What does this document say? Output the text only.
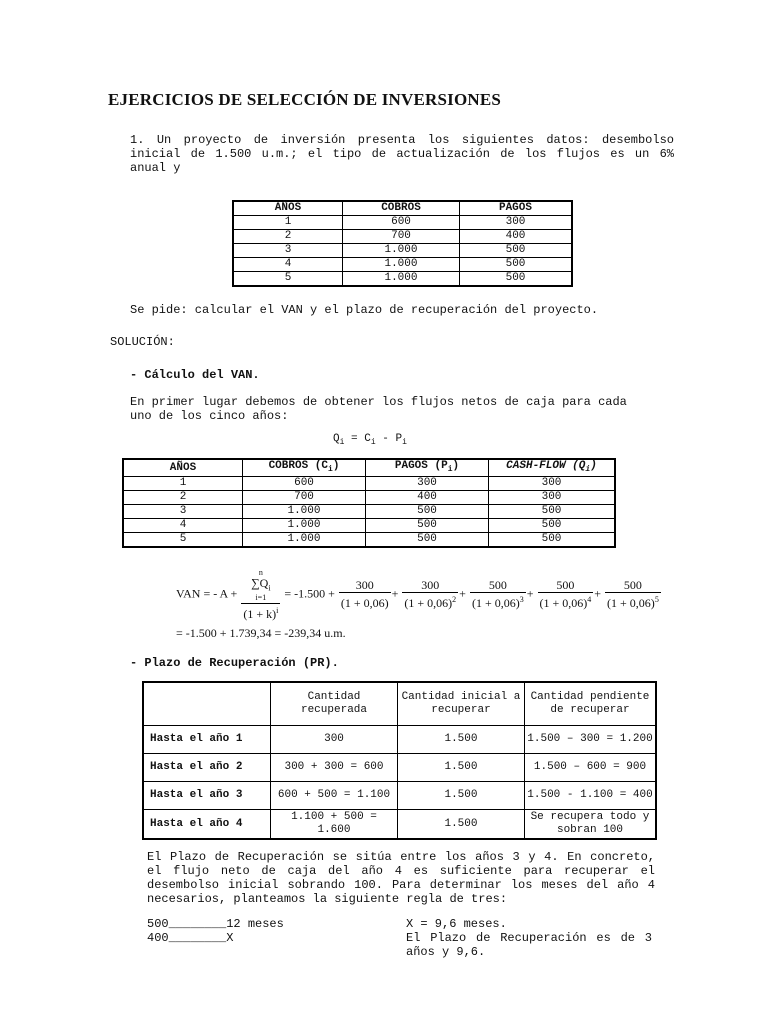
EJERCICIOS DE SELECCIÓN DE INVERSIONES

1. Un proyecto de inversión presenta los siguientes datos: desembolso inicial de 1.500 u.m.; el tipo de actualización de los flujos es un 6% anual y

AÑOS	COBROS	PAGOS
1	600	300
2	700	400
3	1.000	500
4	1.000	500
5	1.000	500

Se pide: calcular el VAN y el plazo de recuperación del proyecto.

SOLUCIÓN:

- Cálculo del VAN.

En primer lugar debemos de obtener los flujos netos de caja para cada uno de los cinco años:

$Q_i = C_i - P_i$
AÑOS	COBROS $(C_i)$	PAGOS $(P_i)$	CASH-FLOW $(Q_i)$
1	600	300	300
2	700	400	300
3	1.000	500	500
4	1.000	500	500
5	1.000	500	500
VAN = - A + n
$\sum Q_i$
i=1
$(1 + k)^i = -1.500 + \frac{300}{(1 + 0,06)} + \frac{300}{(1 + 0,06)^2} + \frac{500}{(1 + 0,06)^3} + \frac{500}{(1 + 0,06)^4} + \frac{500}{(1 + 0,06)^5}$
= -1.500 + 1.739,34 = -239,34 u.m.

- Plazo de Recuperación (PR).

	Cantidad recuperada	Cantidad inicial a recuperar	Cantidad pendiente de recuperar
Hasta el año 1	300	1.500	1.500 – 300 = 1.200
Hasta el año 2	300 + 300 = 600	1.500	1.500 – 600 = 900
Hasta el año 3	600 + 500 = 1.100	1.500	1.500 - 1.100 = 400
Hasta el año 4	1.100 + 500 = 1.600	1.500	Se recupera todo y sobran 100

El Plazo de Recuperación se sitúa entre los años 3 y 4. En concreto, el flujo neto de caja del año 4 es suficiente para recuperar el desembolso inicial sobrando 100. Para determinar los meses del año 4 necesarios, planteamos la siguiente regla de tres:

500________12 meses

400________X

X = 9,6 meses.

El Plazo de Recuperación es de 3 años y 9,6.
